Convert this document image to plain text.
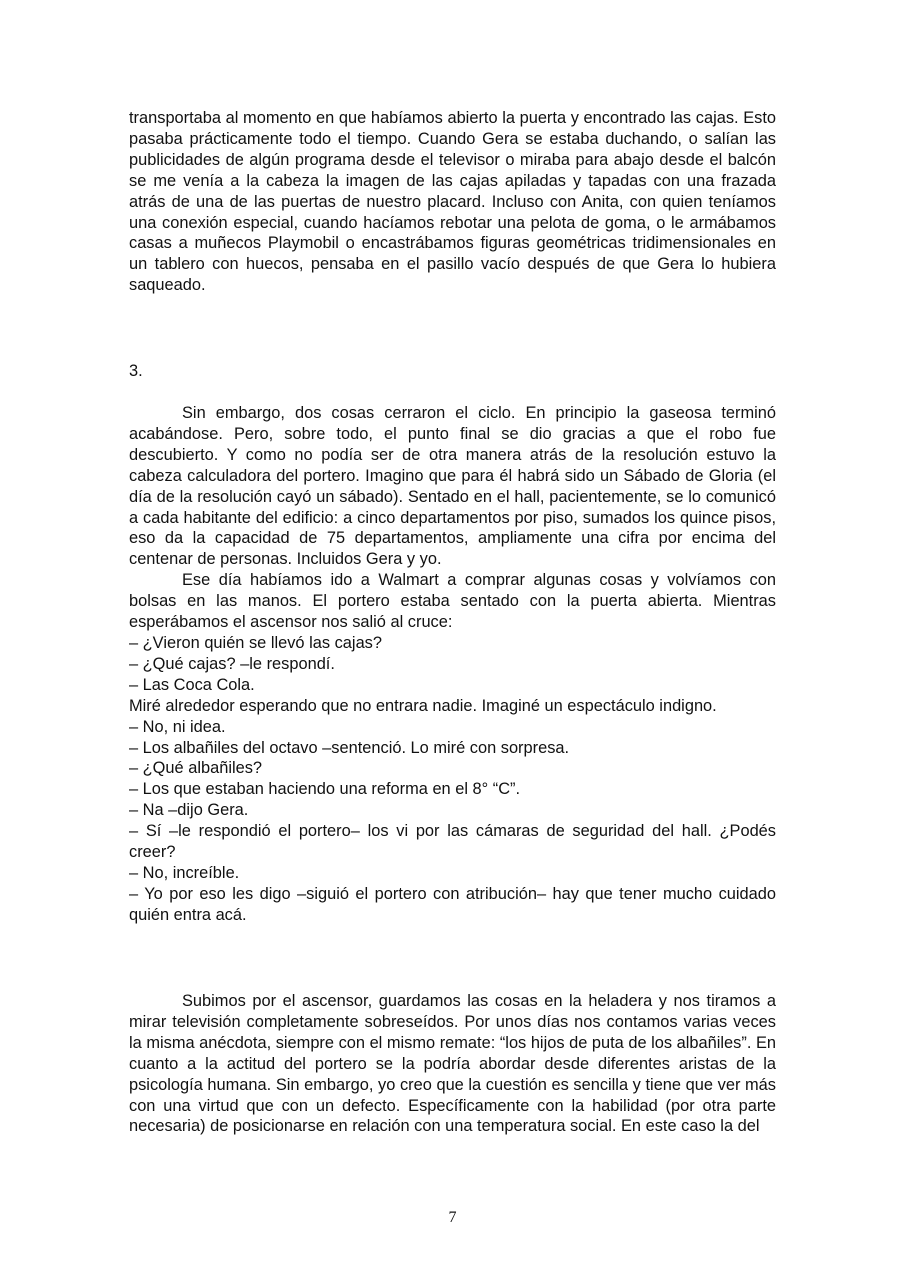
transportaba al momento en que habíamos abierto la puerta y encontrado las cajas. Esto pasaba prácticamente todo el tiempo. Cuando Gera se estaba duchando, o salían las publicidades de algún programa desde el televisor o miraba para abajo desde el balcón se me venía a la cabeza la imagen de las cajas apiladas y tapadas con una frazada atrás de una de las puertas de nuestro placard. Incluso con Anita, con quien teníamos una conexión especial, cuando hacíamos rebotar una pelota de goma, o le armábamos casas a muñecos Playmobil o encastrábamos figuras geométricas tridimensionales en un tablero con huecos, pensaba en el pasillo vacío después de que Gera lo hubiera saqueado.

3.

Sin embargo, dos cosas cerraron el ciclo. En principio la gaseosa terminó acabándose. Pero, sobre todo, el punto final se dio gracias a que el robo fue descubierto. Y como no podía ser de otra manera atrás de la resolución estuvo la cabeza calculadora del portero. Imagino que para él habrá sido un Sábado de Gloria (el día de la resolución cayó un sábado). Sentado en el hall, pacientemente, se lo comunicó a cada habitante del edificio: a cinco departamentos por piso, sumados los quince pisos, eso da la capacidad de 75 departamentos, ampliamente una cifra por encima del centenar de personas. Incluidos Gera y yo.

Ese día habíamos ido a Walmart a comprar algunas cosas y volvíamos con bolsas en las manos. El portero estaba sentado con la puerta abierta. Mientras esperábamos el ascensor nos salió al cruce:

– ¿Vieron quién se llevó las cajas?

– ¿Qué cajas? –le respondí.

– Las Coca Cola.

Miré alrededor esperando que no entrara nadie. Imaginé un espectáculo indigno.

– No, ni idea.

– Los albañiles del octavo –sentenció. Lo miré con sorpresa.

– ¿Qué albañiles?

– Los que estaban haciendo una reforma en el 8° “C”.

– Na –dijo Gera.

– Sí –le respondió el portero– los vi por las cámaras de seguridad del hall. ¿Podés creer?

– No, increíble.

– Yo por eso les digo –siguió el portero con atribución– hay que tener mucho cuidado quién entra acá.

Subimos por el ascensor, guardamos las cosas en la heladera y nos tiramos a mirar televisión completamente sobreseídos. Por unos días nos contamos varias veces la misma anécdota, siempre con el mismo remate: “los hijos de puta de los albañiles”. En cuanto a la actitud del portero se la podría abordar desde diferentes aristas de la psicología humana. Sin embargo, yo creo que la cuestión es sencilla y tiene que ver más con una virtud que con un defecto. Específicamente con la habilidad (por otra parte necesaria) de posicionarse en relación con una temperatura social. En este caso la del

7
